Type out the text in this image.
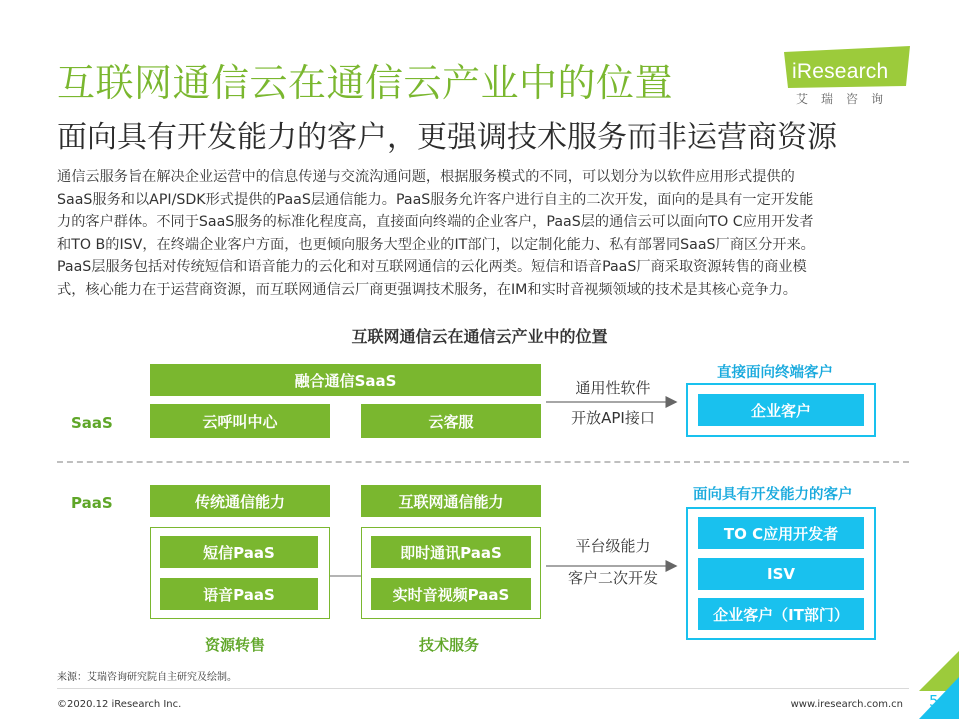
互联网通信云在通信云产业中的位置
面向具有开发能力的客户，更强调技术服务而非运营商资源
iResearch
艾瑞咨询
通信云服务旨在解决企业运营中的信息传递与交流沟通问题，根据服务模式的不同，可以划分为以软件应用形式提供的
SaaS服务和以API/SDK形式提供的PaaS层通信能力。PaaS服务允许客户进行自主的二次开发，面向的是具有一定开发能
力的客户群体。不同于SaaS服务的标准化程度高，直接面向终端的企业客户，PaaS层的通信云可以面向TO C应用开发者
和TO B的ISV，在终端企业客户方面，也更倾向服务大型企业的IT部门，以定制化能力、私有部署同SaaS厂商区分开来。
PaaS层服务包括对传统短信和语音能力的云化和对互联网通信的云化两类。短信和语音PaaS厂商采取资源转售的商业模
式，核心能力在于运营商资源，而互联网通信云厂商更强调技术服务，在IM和实时音视频领域的技术是其核心竞争力。
互联网通信云在通信云产业中的位置
SaaS
融合通信SaaS
云呼叫中心	云客服
通用性软件
开放API接口
直接面向终端客户
企业客户
PaaS	传统通信能力
短信PaaS
语音PaaS
资源转售
互联网通信能力
即时通讯PaaS
实时音视频PaaS
技术服务
平台级能力
客户二次开发
面向具有开发能力的客户
TO C应用开发者
ISV
企业客户（IT部门）
来源：艾瑞咨询研究院自主研究及绘制。
©2020.12 iResearch Inc.	www.iresearch.com.cn 5
